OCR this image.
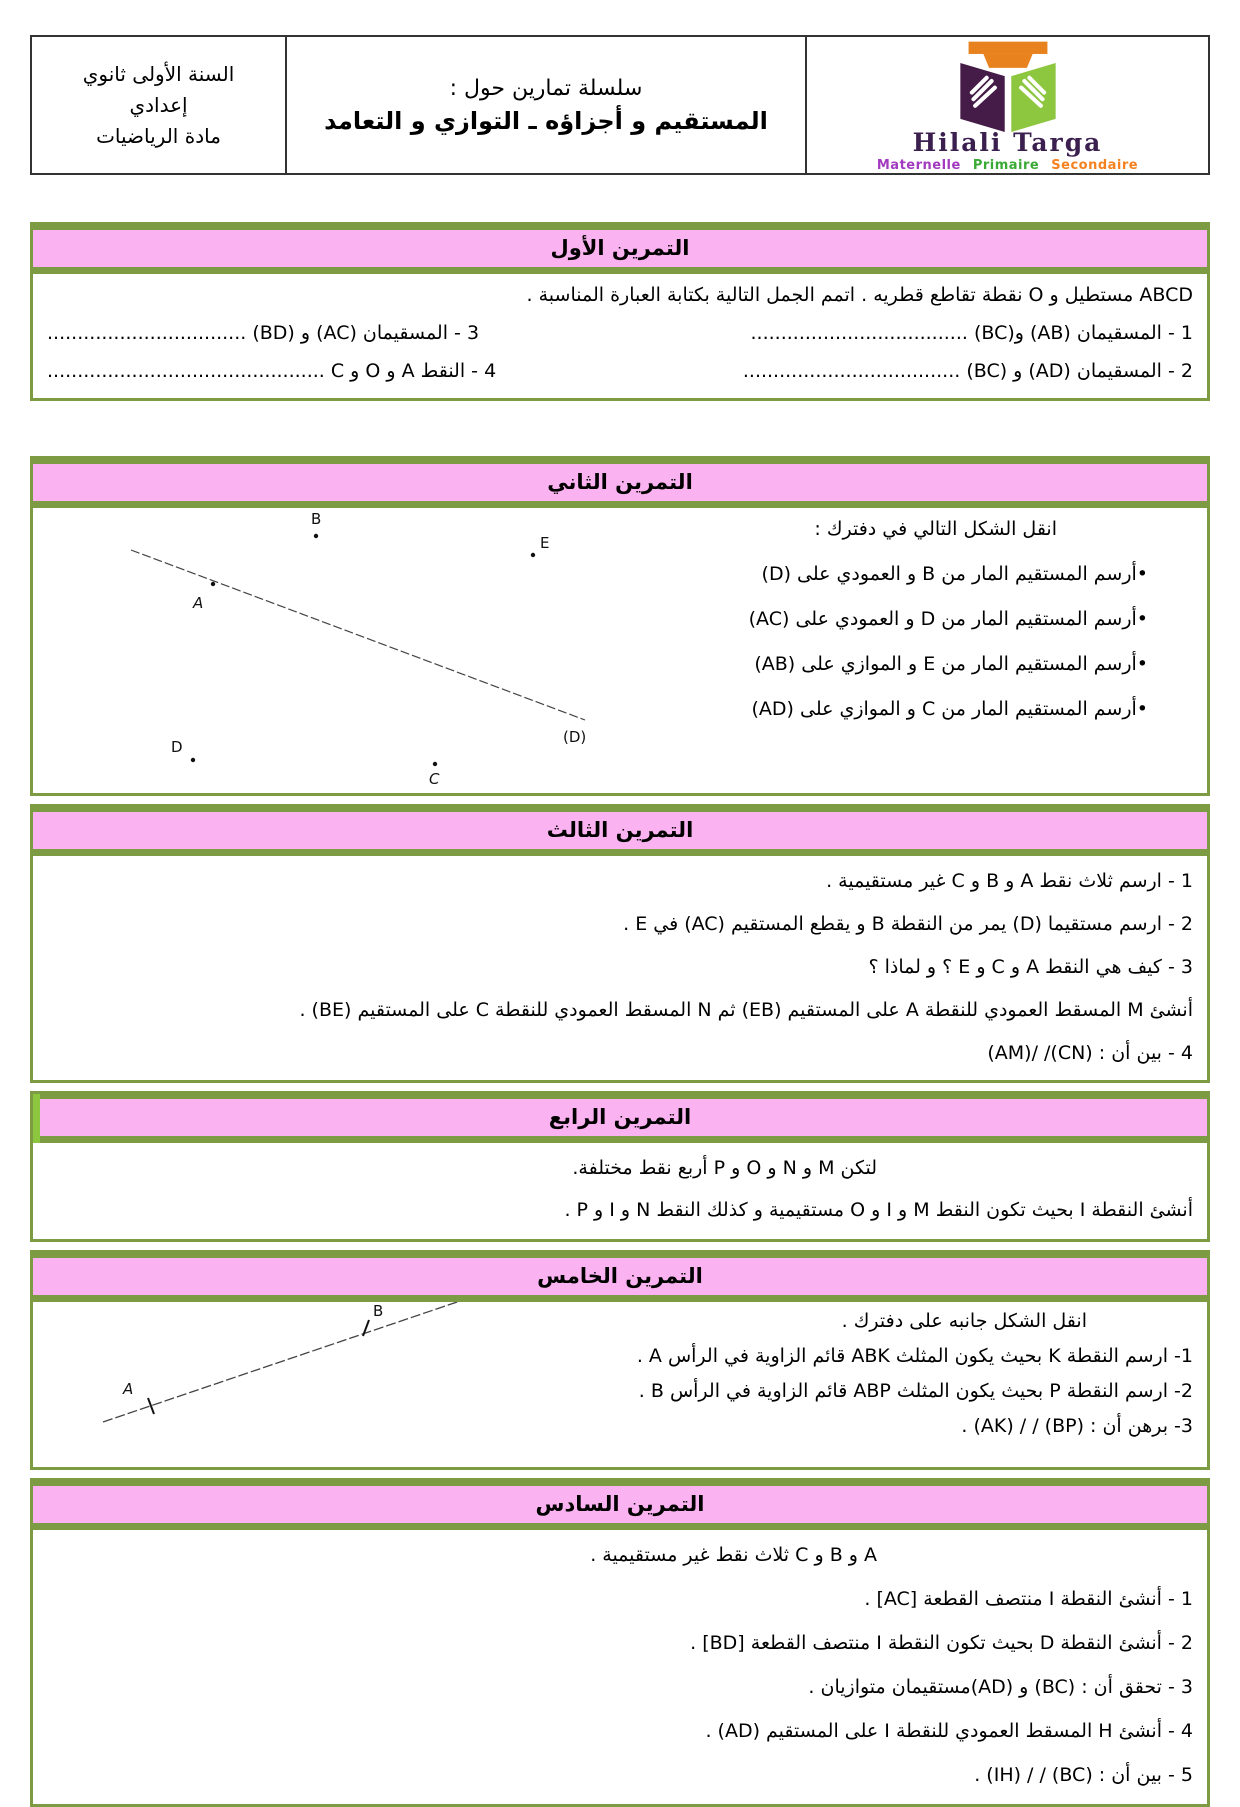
السنة الأولى ثانوي
إعدادي
مادة الرياضيات
سلسلة تمارين حول :
المستقيم و أجزاؤه ـ التوازي و التعامد
Hilali Targa
Maternelle Primaire Secondaire
التمرين الأول
ABCD مستطيل و O نقطة تقاطع قطريه . اتمم الجمل التالية بكتابة العبارة المناسبة .
1 - المسقيمان ‎(AB)‎ و‎(BC)‎ ....................................
3 - المسقيمان ‎(AC)‎ و ‎(BD)‎ .................................
2 - المسقيمان ‎(AD)‎ و ‎(BC)‎ ....................................
4 - النقط A و O و C ..............................................
التمرين الثاني
B
E
A
D
C
(D)
انقل الشكل التالي في دفترك :
•أرسم المستقيم المار من B و العمودي على ‎(D)‎
•أرسم المستقيم المار من D و العمودي على ‎(AC)‎
•أرسم المستقيم المار من E و الموازي على ‎(AB)‎
•أرسم المستقيم المار من C و الموازي على ‎(AD)‎
التمرين الثالث
1 - ارسم ثلاث نقط A و B و C غير مستقيمية .
2 - ارسم مستقيما ‎(D)‎ يمر من النقطة B و يقطع المستقيم ‎(AC)‎ في E .
3 - كيف هي النقط A و C و E ؟ و لماذا ؟
أنشئ M المسقط العمودي للنقطة A على المستقيم ‎(EB)‎ ثم N المسقط العمودي للنقطة C على المستقيم ‎(BE)‎ .
4 - بين أن : ‎(AM)/ /(CN)‎
التمرين الرابع
لتكن M و N و O و P أربع نقط مختلفة.
أنشئ النقطة I بحيث تكون النقط M و I و O مستقيمية و كذلك النقط N و I و P .
التمرين الخامس
A
B	انقل الشكل جانبه على دفترك .
1- ارسم النقطة K بحيث يكون المثلث ABK قائم الزاوية في الرأس A .
2- ارسم النقطة P بحيث يكون المثلث ABP قائم الزاوية في الرأس B .
3- برهن أن : ‎(AK) / / (BP)‎ .
التمرين السادس
A و B و C ثلاث نقط غير مستقيمية .
1 - أنشئ النقطة I منتصف القطعة ‎[AC]‎ .
2 - أنشئ النقطة D بحيث تكون النقطة I منتصف القطعة ‎[BD]‎ .
3 - تحقق أن : ‎(BC)‎ و ‎(AD)‎مستقيمان متوازيان .
4 - أنشئ H المسقط العمودي للنقطة I على المستقيم ‎(AD)‎ .
5 - بين أن : ‎(IH) / / (BC)‎ .
